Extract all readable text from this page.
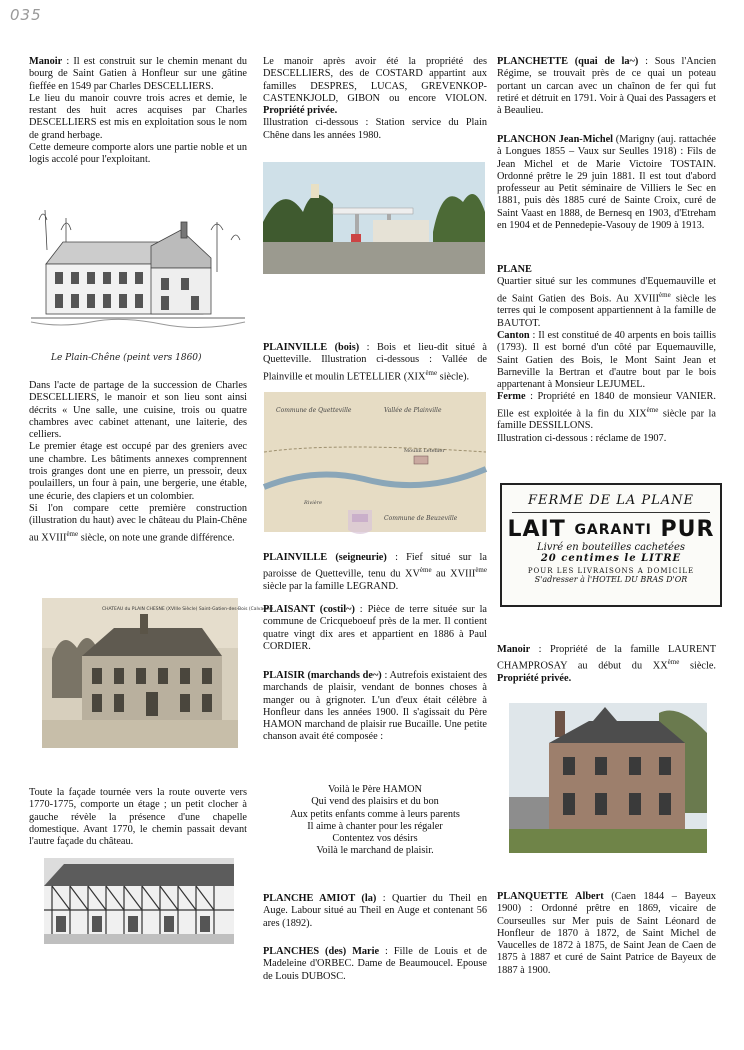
035

Manoir : Il est construit sur le chemin menant du bourg de Saint Gatien à Honfleur sur une gâtine fieffée en 1549 par Charles DESCELLIERS.

Le lieu du manoir couvre trois acres et demie, le restant des huit acres acquises par Charles DESCELLIERS est mis en exploitation sous le nom de grand herbage.

Cette demeure comporte alors une partie noble et un logis accolé pour l'exploitant.

Le Plain-Chêne (peint vers 1860)

Dans l'acte de partage de la succession de Charles DESCELLIERS, le manoir et son lieu sont ainsi décrits « Une salle, une cuisine, trois ou quatre chambres avec cabinet attenant, une laiterie, des celliers.

Le premier étage est occupé par des greniers avec une chambre. Les bâtiments annexes comprennent trois granges dont une en pierre, un pressoir, deux poulaillers, un four à pain, une bergerie, une étable, une écurie, des clapiers et un colombier.

Si l'on compare cette première construction (illustration du haut) avec le château du Plain-Chêne au XVIIIème siècle, on note une grande différence.

CHATEAU du PLAIN CHESNE (XVIIIe Siècle) Saint-Gatien-des-Bois (Calvados)

Toute la façade tournée vers la route ouverte vers 1770-1775, comporte un étage ; un petit clocher à gauche révèle la présence d'une chapelle domestique. Avant 1770, le chemin passait devant l'autre façade du château.

Le manoir après avoir été la propriété des DESCELLIERS, des de COSTARD appartint aux familles DESPRES, LUCAS, GREVENKOP-CASTENKJOLD, GIBON ou encore VIOLON. Propriété privée.

Illustration ci-dessous : Station service du Plain Chêne dans les années 1980.

PLAINVILLE (bois) : Bois et lieu-dit situé à Quetteville. Illustration ci-dessous : Vallée de Plainville et moulin LETELLIER (XIXème siècle).

Commune de Quetteville	Vallée de Plainville
Moulin Letellier
Commune de Beuzeville
Rivière

PLAINVILLE (seigneurie) : Fief situé sur la paroisse de Quetteville, tenu du XVème au XVIIIème siècle par la famille LEGRAND.

PLAISANT (costil~) : Pièce de terre située sur la commune de Cricqueboeuf près de la mer. Il contient quatre vingt dix ares et appartient en 1886 à Paul CORDIER.

PLAISIR (marchands de~) : Autrefois existaient des marchands de plaisir, vendant de bonnes choses à manger ou à grignoter. L'un d'eux était célèbre à Honfleur dans les années 1900. Il s'agissait du Père HAMON marchand de plaisir rue Bucaille. Une petite chanson avait été composée :

Voilà le Père HAMON
Qui vend des plaisirs et du bon
Aux petits enfants comme à leurs parents
Il aime à chanter pour les régaler
Contentez vos désirs
Voilà le marchand de plaisir.

PLANCHE AMIOT (la) : Quartier du Theil en Auge. Labour situé au Theil en Auge et contenant 56 ares (1892).

PLANCHES (des) Marie : Fille de Louis et de Madeleine d'ORBEC. Dame de Beaumoucel. Epouse de Louis DUBOSC.

PLANCHETTE (quai de la~) : Sous l'Ancien Régime, se trouvait près de ce quai un poteau portant un carcan avec un chaînon de fer qui fut retiré et détruit en 1791. Voir à Quai des Passagers et à Beaulieu.

PLANCHON Jean-Michel (Marigny (auj. rattachée à Longues 1855 – Vaux sur Seulles 1918) : Fils de Jean Michel et de Marie Victoire TOSTAIN. Ordonné prêtre le 29 juin 1881. Il est tout d'abord professeur au Petit séminaire de Villiers le Sec en 1881, puis dès 1885 curé de Sainte Croix, curé de Saint Vaast en 1888, de Bernesq en 1903, d'Etreham en 1904 et de Pennedepie-Vasouy de 1909 à 1913.

PLANE

Quartier situé sur les communes d'Equemauville et de Saint Gatien des Bois. Au XVIIIème siècle les terres qui le composent appartiennent à la famille de BAUTOT.

Canton : Il est constitué de 40 arpents en bois taillis (1793). Il est borné d'un côté par Equemauville, Saint Gatien des Bois, le Mont Saint Jean et Barneville la Bertran et d'autre bout par le bois appartenant à Monsieur LEJUMEL.

Ferme : Propriété en 1840 de monsieur VANIER. Elle est exploitée à la fin du XIXème siècle par la famille DESSILLONS.

Illustration ci-dessous : réclame de 1907.

FERME DE LA PLANE
LAIT GARANTI PUR
Livré en bouteilles cachetées
20 centimes le LITRE
POUR LES LIVRAISONS A DOMICILE
S'adresser à l'HOTEL DU BRAS D'OR

Manoir : Propriété de la famille LAURENT CHAMPROSAY au début du XXème siècle. Propriété privée.

PLANQUETTE Albert (Caen 1844 – Bayeux 1900) : Ordonné prêtre en 1869, vicaire de Courseulles sur Mer puis de Saint Léonard de Honfleur de 1870 à 1872, de Saint Michel de Vaucelles de 1872 à 1875, de Saint Jean de Caen de 1875 à 1887 et curé de Saint Patrice de Bayeux de 1887 à 1900.
